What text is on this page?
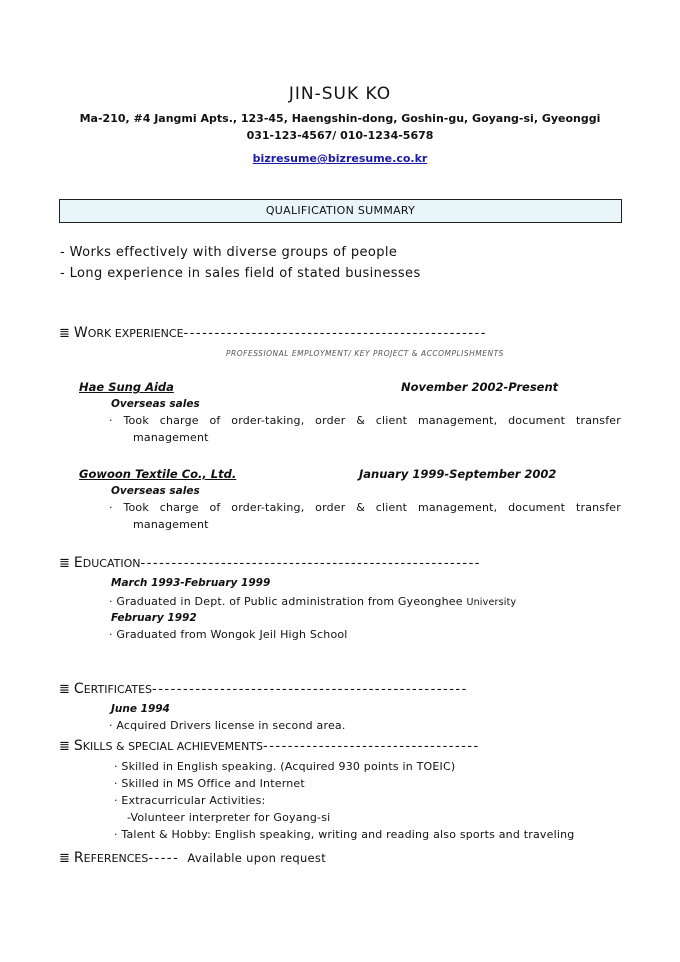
JIN-SUK KO
Ma-210, #4 Jangmi Apts., 123-45, Haengshin-dong, Goshin-gu, Goyang-si, Gyeonggi
031-123-4567/ 010-1234-5678
bizresume@bizresume.co.kr
QUALIFICATION SUMMARY
- Works effectively with diverse groups of people
- Long experience in sales field of stated businesses
≣ WORK EXPERIENCE-------------------------------------------------
PROFESSIONAL EMPLOYMENT/ KEY PROJECT & ACCOMPLISHMENTS
Hae Sung Aida	November 2002-Present
Overseas sales
· Took charge of order-taking, order & client management, document transfer
management
Gowoon Textile Co., Ltd.	January 1999-September 2002
Overseas sales
· Took charge of order-taking, order & client management, document transfer
management
≣ EDUCATION-------------------------------------------------------
March 1993-February 1999
· Graduated in Dept. of Public administration from Gyeonghee University
February 1992
· Graduated from Wongok Jeil High School
≣ CERTIFICATES---------------------------------------------------
June 1994
· Acquired Drivers license in second area.
≣ SKILLS & SPECIAL ACHIEVEMENTS-----------------------------------
· Skilled in English speaking. (Acquired 930 points in TOEIC)
· Skilled in MS Office and Internet
· Extracurricular Activities:
-Volunteer interpreter for Goyang-si
· Talent & Hobby: English speaking, writing and reading also sports and traveling
≣ REFERENCES----- Available upon request
